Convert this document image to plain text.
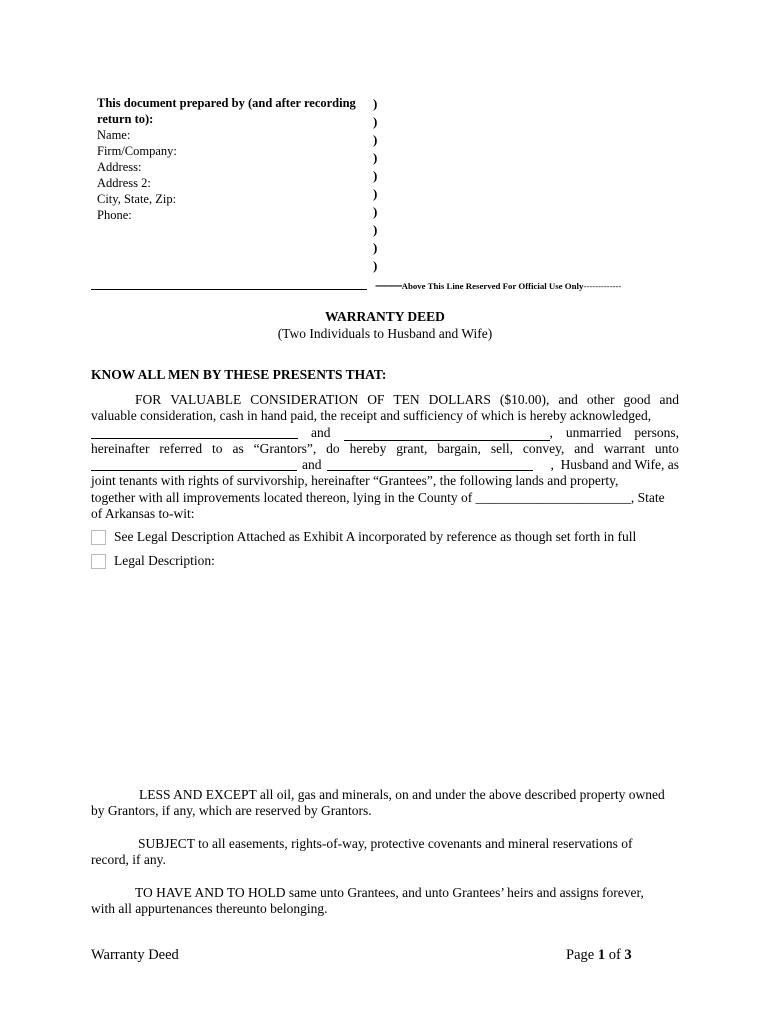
This document prepared by (and after recording
return to):
Name:
Firm/Company:
Address:
Address 2:
City, State, Zip:
Phone:
)
)
)
)
)
)
)
)
)
)
--------Above This Line Reserved For Official Use Only-------------
WARRANTY DEED
(Two Individuals to Husband and Wife)
KNOW ALL MEN BY THESE PRESENTS THAT:
FOR VALUABLE CONSIDERATION OF TEN DOLLARS ($10.00), and other good and
valuable consideration, cash in hand paid, the receipt and sufficiency of which is hereby acknowledged,
and	, unmarried persons,
hereinafter referred to as “Grantors”, do hereby grant, bargain, sell, convey, and warrant unto
and	,  Husband and Wife, as
joint tenants with rights of survivorship, hereinafter “Grantees”, the following lands and property,
together with all improvements located thereon, lying in the County of _______________________, State
of Arkansas to-wit:
See Legal Description Attached as Exhibit A incorporated by reference as though set forth in full
Legal Description:
LESS AND EXCEPT all oil, gas and minerals, on and under the above described property owned
by Grantors, if any, which are reserved by Grantors.
SUBJECT to all easements, rights-of-way, protective covenants and mineral reservations of
record, if any.
TO HAVE AND TO HOLD same unto Grantees, and unto Grantees’ heirs and assigns forever,
with all appurtenances thereunto belonging.
Warranty Deed	Page 1 of 3
